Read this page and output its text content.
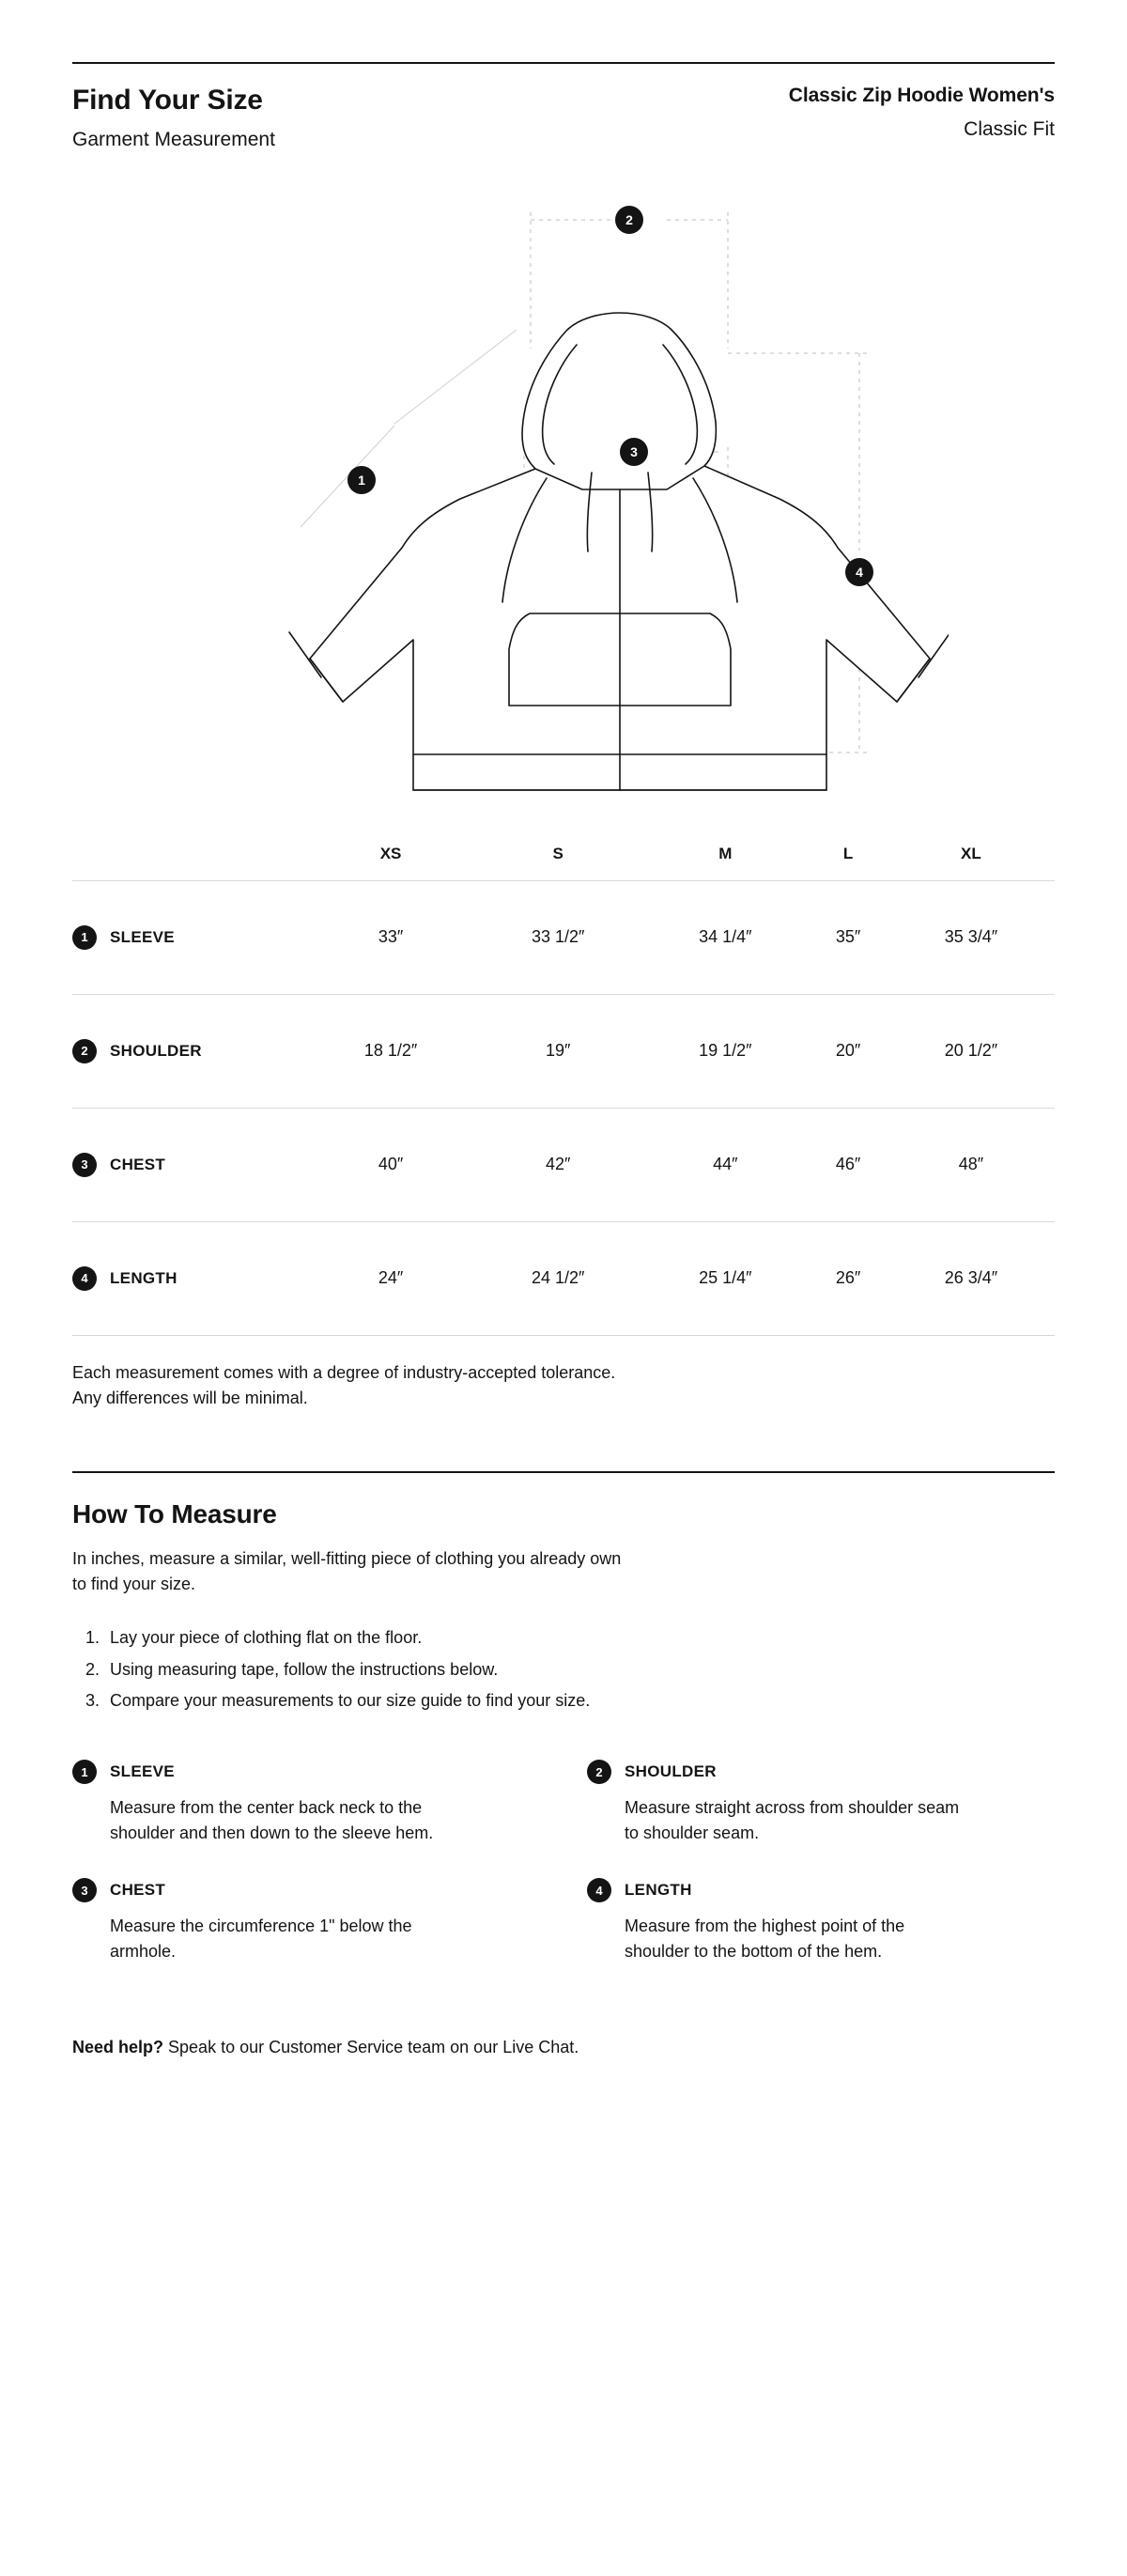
Find Your Size
Garment Measurement
Classic Zip Hoodie Women's
Classic Fit
2
1
3
4
	XS	S	M	L	XL

1 SLEEVE	33″	33 1/2″	34 1/4″	35″	35 3/4″

2 SHOULDER	18 1/2″	19″	19 1/2″	20″	20 1/2″

3 CHEST	40″	42″	44″	46″	48″

4 LENGTH	24″	24 1/2″	25 1/4″	26″	26 3/4″
Each measurement comes with a degree of industry-accepted tolerance.
Any differences will be minimal.
How To Measure
In inches, measure a similar, well-fitting piece of clothing you already own
to find your size.
1. Lay your piece of clothing flat on the floor.
2. Using measuring tape, follow the instructions below.
3. Compare your measurements to our size guide to find your size.
1	SLEEVE
Measure from the center back neck to the shoulder and then down to the sleeve hem.
2	SHOULDER
Measure straight across from shoulder seam to shoulder seam.
3	CHEST
Measure the circumference 1" below the armhole.
4	LENGTH
Measure from the highest point of the shoulder to the bottom of the hem.
Need help? Speak to our Customer Service team on our Live Chat.
